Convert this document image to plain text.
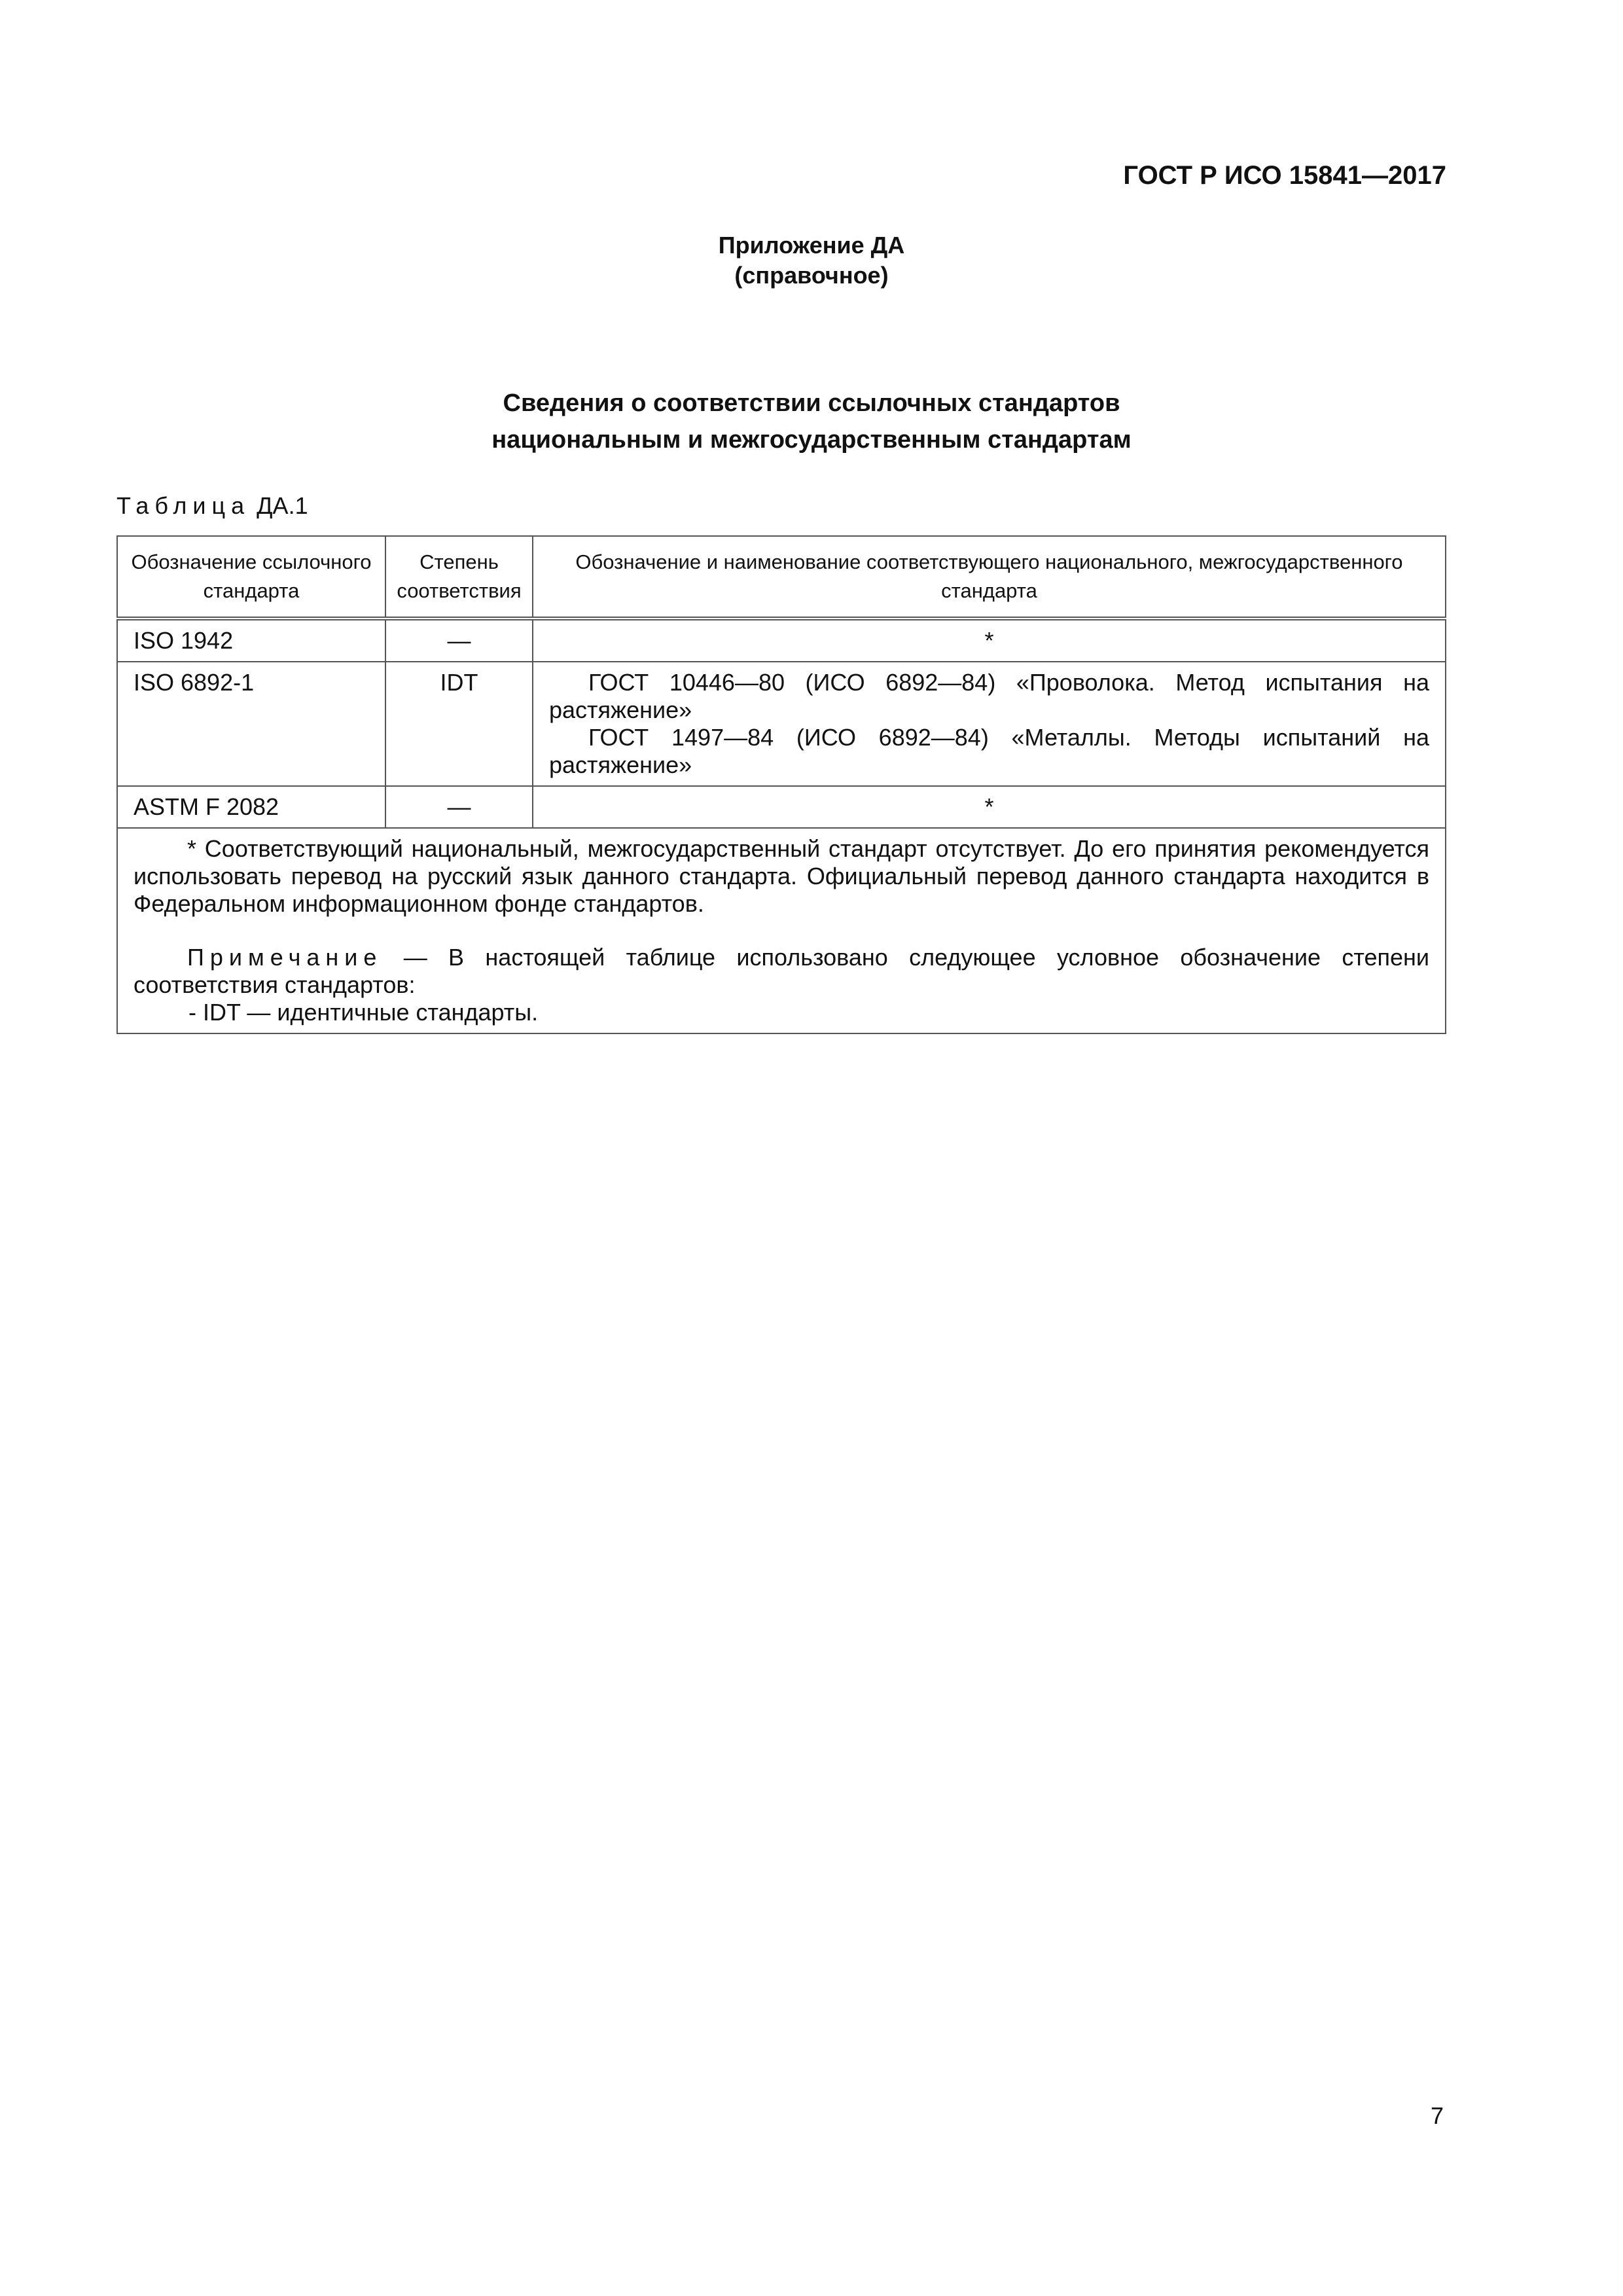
ГОСТ Р ИСО 15841—2017
Приложение ДА
(справочное)
Сведения о соответствии ссылочных стандартов
национальным и межгосударственным стандартам
Таблица ДА.1
Обозначение ссылочного стандарта	Степень соответствия	Обозначение и наименование соответствующего национального, межгосударственного стандарта
ISO 1942	—	*
ISO 6892-1	IDT	ГОСТ 10446—80 (ИСО 6892—84) «Проволока. Метод испытания на растяжение»
ГОСТ 1497—84 (ИСО 6892—84) «Металлы. Методы испытаний на растяжение»

ASTM F 2082	—	*

* Соответствующий национальный, межгосударственный стандарт отсутствует. До его принятия рекомендуется использовать перевод на русский язык данного стандарта. Официальный перевод данного стандарта находится в Федеральном информационном фонде стандартов.
Примечание — В настоящей таблице использовано следующее условное обозначение степени соответствия стандартов:
- IDT — идентичные стандарты.		
7
